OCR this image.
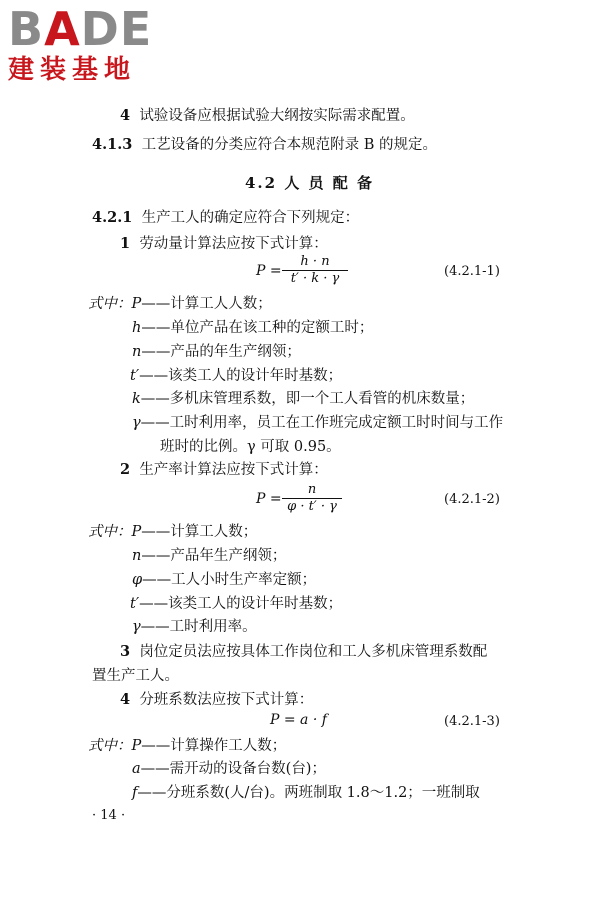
BADE
建装基地
4 试验设备应根据试验大纲按实际需求配置。
4.1.3 工艺设备的分类应符合本规范附录 B 的规定。
4.2 人 员 配 备
4.2.1 生产工人的确定应符合下列规定：
1 劳动量计算法应按下式计算：
$P = \frac{h \cdot n}{t' \cdot k \cdot \gamma}$	(4.2.1-1)
式中：P——计算工人人数；
h——单位产品在该工种的定额工时；
n——产品的年生产纲领；
t′——该类工人的设计年时基数；
k——多机床管理系数，即一个工人看管的机床数量；
γ——工时利用率，员工在工作班完成定额工时时间与工作
班时的比例。γ 可取 0.95。
2 生产率计算法应按下式计算：
$P = \frac{n}{\varphi \cdot t' \cdot \gamma}$	(4.2.1-2)
式中：P——计算工人数；
n——产品年生产纲领；
φ——工人小时生产率定额；
t′——该类工人的设计年时基数；
γ——工时利用率。
3 岗位定员法应按具体工作岗位和工人多机床管理系数配
置生产工人。
4 分班系数法应按下式计算：
P = a · f	(4.2.1-3)
式中：P——计算操作工人数；
a——需开动的设备台数(台)；
f——分班系数(人/台)。两班制取 1.8～1.2；一班制取
· 14 ·
